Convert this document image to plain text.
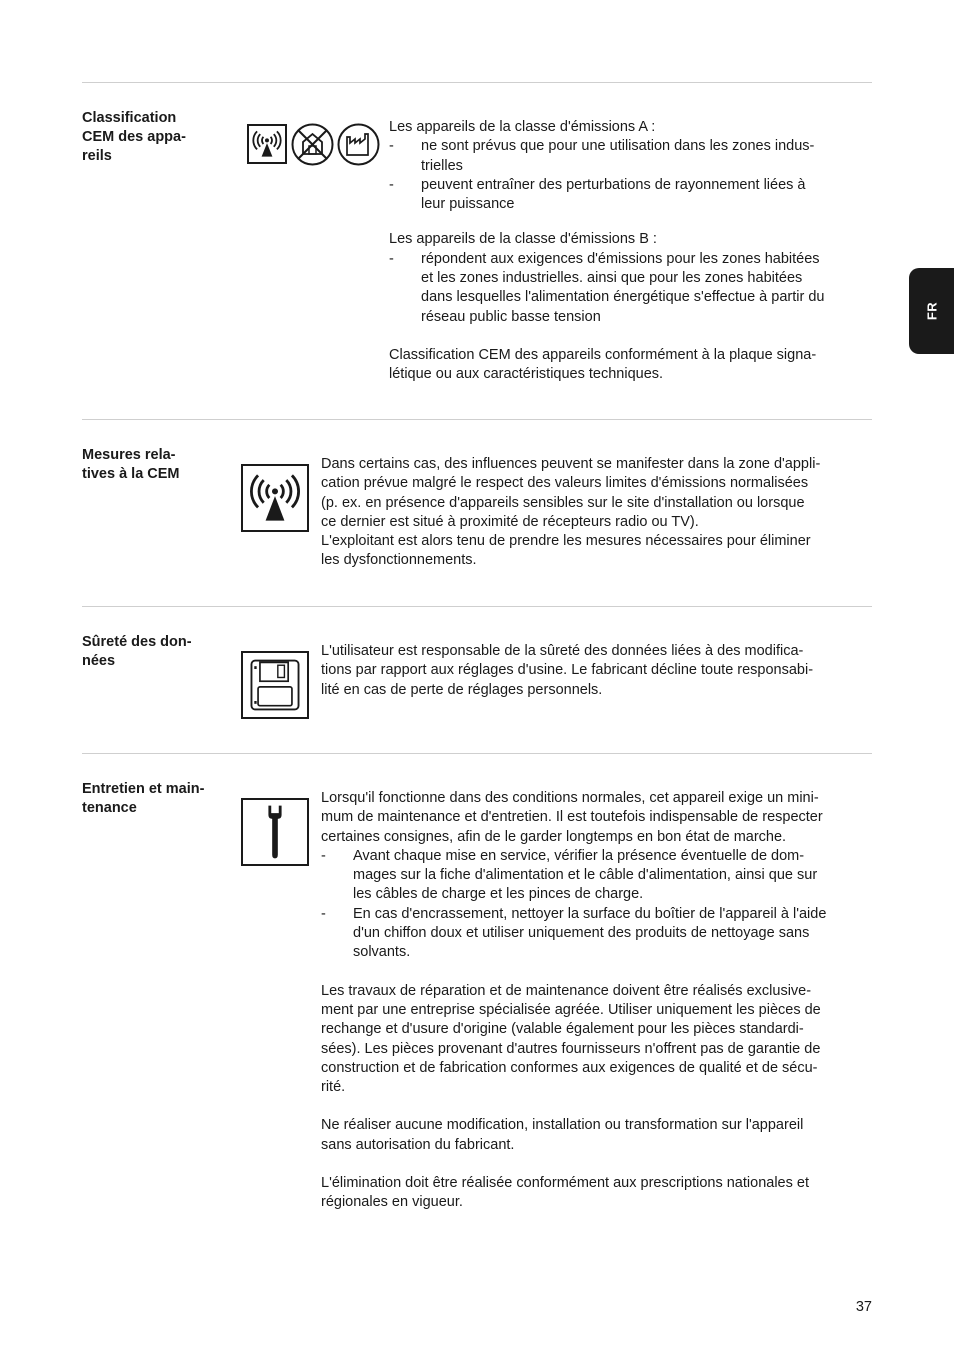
FR
Classification
CEM des appa-
reils

Les appareils de la classe d'émissions A :

- ne sont prévus que pour une utilisation dans les zones indus-
trielles
- peuvent entraîner des perturbations de rayonnement liées à
leur puissance

Les appareils de la classe d'émissions B :

- répondent aux exigences d'émissions pour les zones habitées
et les zones industrielles. ainsi que pour les zones habitées
dans lesquelles l'alimentation énergétique s'effectue à partir du
réseau public basse tension
Classification CEM des appareils conformément à la plaque signa-
létique ou aux caractéristiques techniques.
Mesures rela-
tives à la CEM
Dans certains cas, des influences peuvent se manifester dans la zone d'appli-
cation prévue malgré le respect des valeurs limites d'émissions normalisées
(p. ex. en présence d'appareils sensibles sur le site d'installation ou lorsque
ce dernier est situé à proximité de récepteurs radio ou TV).
L'exploitant est alors tenu de prendre les mesures nécessaires pour éliminer
les dysfonctionnements.
Sûreté des don-
nées
L'utilisateur est responsable de la sûreté des données liées à des modifica-
tions par rapport aux réglages d'usine. Le fabricant décline toute responsabi-
lité en cas de perte de réglages personnels.
Entretien et main-
tenance
Lorsqu'il fonctionne dans des conditions normales, cet appareil exige un mini-
mum de maintenance et d'entretien. Il est toutefois indispensable de respecter
certaines consignes, afin de le garder longtemps en bon état de marche.
- Avant chaque mise en service, vérifier la présence éventuelle de dom-
mages sur la fiche d'alimentation et le câble d'alimentation, ainsi que sur
les câbles de charge et les pinces de charge.
- En cas d'encrassement, nettoyer la surface du boîtier de l'appareil à l'aide
d'un chiffon doux et utiliser uniquement des produits de nettoyage sans
solvants.
Les travaux de réparation et de maintenance doivent être réalisés exclusive-
ment par une entreprise spécialisée agréée. Utiliser uniquement les pièces de
rechange et d'usure d'origine (valable également pour les pièces standardi-
sées). Les pièces provenant d'autres fournisseurs n'offrent pas de garantie de
construction et de fabrication conformes aux exigences de qualité et de sécu-
rité.
Ne réaliser aucune modification, installation ou transformation sur l'appareil
sans autorisation du fabricant.
L'élimination doit être réalisée conformément aux prescriptions nationales et
régionales en vigueur.
37
